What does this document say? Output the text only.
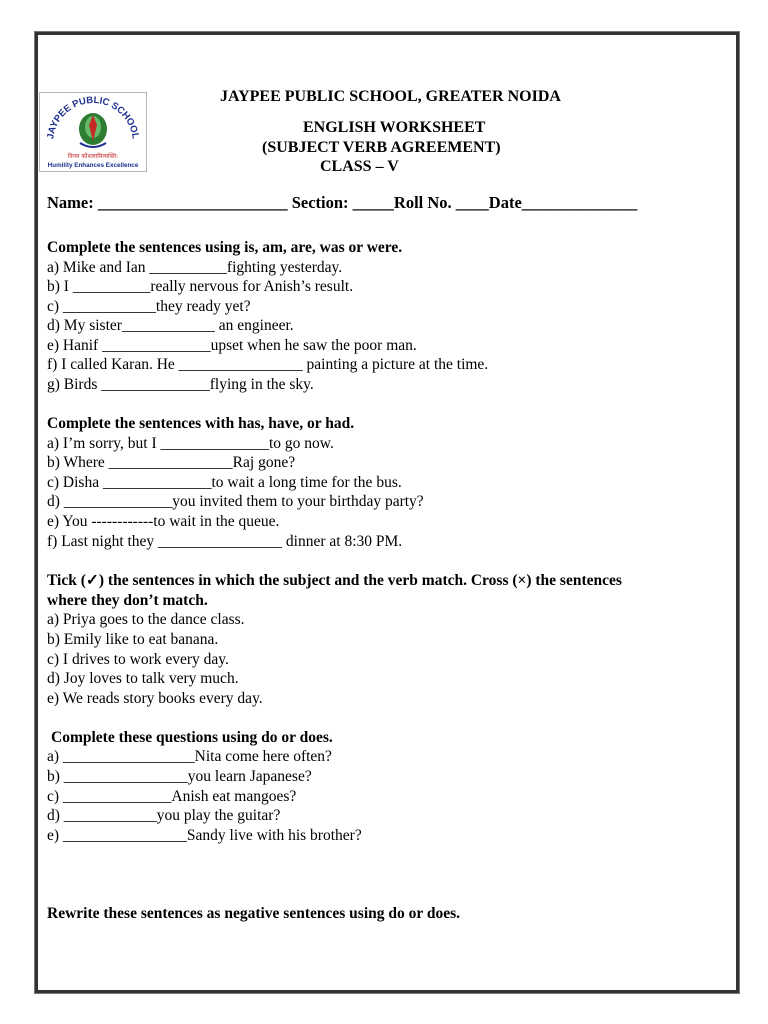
JAYPEE PUBLIC SCHOOL
विनय कौशलामिव्यक्ति:
Humility Enhances Excellence
JAYPEE PUBLIC SCHOOL, GREATER NOIDA
ENGLISH WORKSHEET
(SUBJECT VERB AGREEMENT)
CLASS – V
Name: _______________________ Section: _____Roll No. ____Date______________
Complete the sentences using is, am, are, was or were.
a) Mike and Ian __________fighting yesterday.
b) I __________really nervous for Anish’s result.
c) ____________they ready yet?
d) My sister____________ an engineer.
e) Hanif ______________upset when he saw the poor man.
f) I called Karan. He ________________ painting a picture at the time.
g) Birds ______________flying in the sky.
Complete the sentences with has, have, or had.
a) I’m sorry, but I ______________to go now.
b) Where ________________Raj gone?
c) Disha ______________to wait a long time for the bus.
d) ______________you invited them to your birthday party?
e) You ------------to wait in the queue.
f) Last night they ________________ dinner at 8:30 PM.
Tick (✓) the sentences in which the subject and the verb match. Cross (×) the sentences
where they don’t match.
a) Priya goes to the dance class.
b) Emily like to eat banana.
c) I drives to work every day.
d) Joy loves to talk very much.
e) We reads story books every day.
Complete these questions using do or does.
a) _________________Nita come here often?
b) ________________you learn Japanese?
c) ______________Anish eat mangoes?
d) ____________you play the guitar?
e) ________________Sandy live with his brother?
Rewrite these sentences as negative sentences using do or does.
